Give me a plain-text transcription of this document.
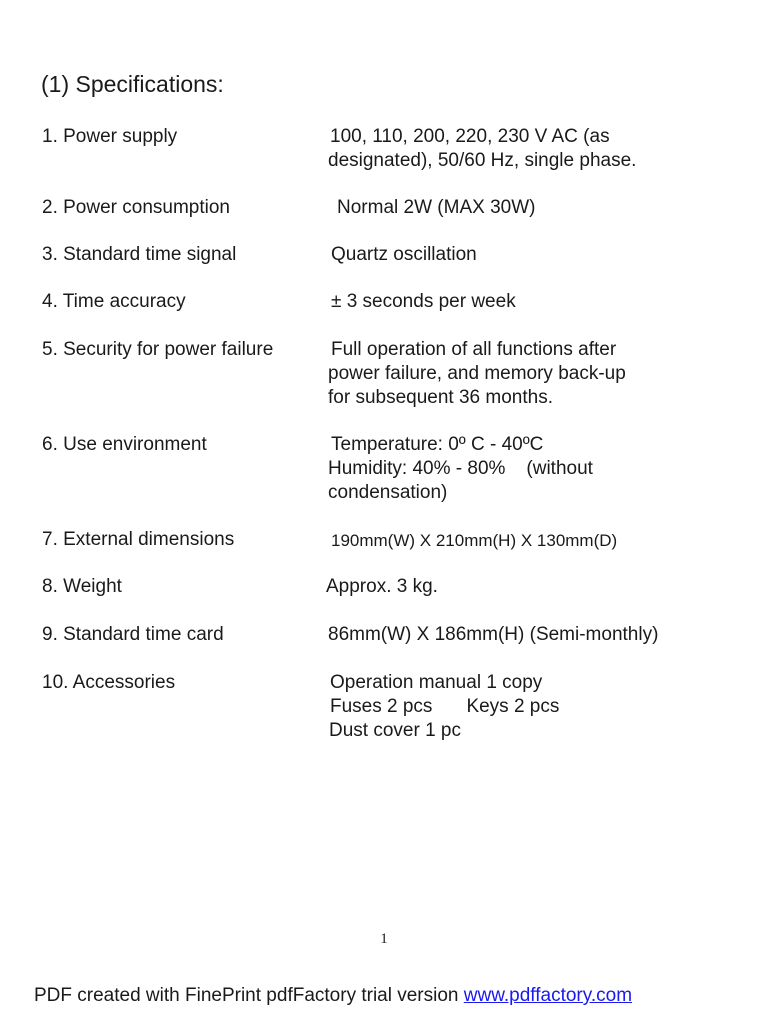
(1) Specifications:
1. Power supply	100, 110, 200, 220, 230 V AC (as
designated), 50/60 Hz, single phase.
2. Power consumption	Normal 2W (MAX 30W)
3. Standard time signal	Quartz oscillation
4. Time accuracy	± 3 seconds per week
5. Security for power failure	Full operation of all functions after
power failure, and memory back-up
for subsequent 36 months.
6. Use environment	Temperature: 0º C - 40ºC
Humidity: 40% - 80% (without
condensation)
7. External dimensions	190mm(W) X 210mm(H) X 130mm(D)
8. Weight	Approx. 3 kg.
9. Standard time card	86mm(W) X 186mm(H) (Semi-monthly)
10. Accessories	Operation manual 1 copy
Fuses 2 pcs Keys 2 pcs
Dust cover 1 pc
1
PDF created with FinePrint pdfFactory trial version www.pdffactory.com
